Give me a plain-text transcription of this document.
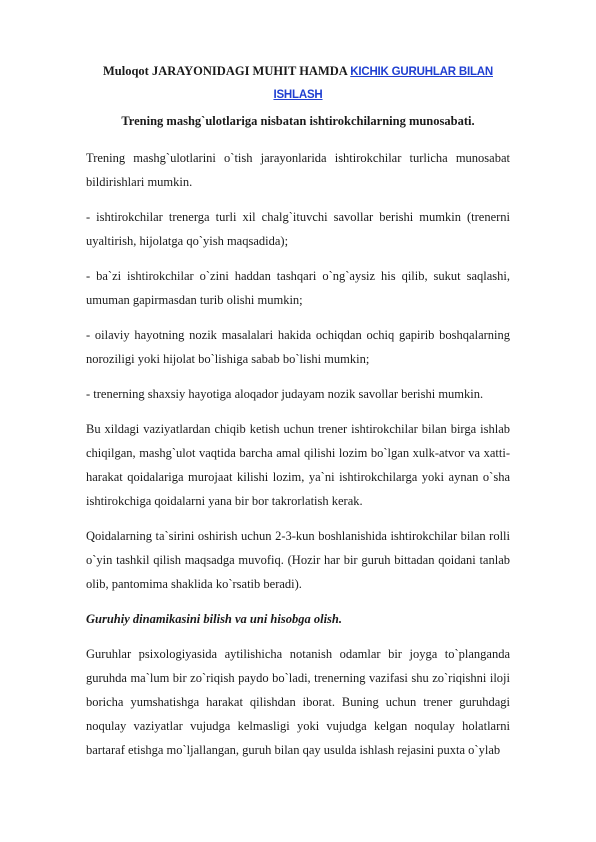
Muloqot JARAYONIDAGI MUHIT HAMDA KICHIK GURUHLAR BILAN ISHLASH

Trening mashg`ulotlariga nisbatan ishtirokchilarning munosabati.

Trening mashg`ulotlarini o`tish jarayonlarida ishtirokchilar turlicha munosabat bildirishlari mumkin.

- ishtirokchilar trenerga turli xil chalg`ituvchi savollar berishi mumkin (trenerni uyaltirish, hijolatga qo`yish maqsadida);

- ba`zi ishtirokchilar o`zini haddan tashqari o`ng`aysiz his qilib, sukut saqlashi, umuman gapirmasdan turib olishi mumkin;

- oilaviy hayotning nozik masalalari hakida ochiqdan ochiq gapirib boshqalarning noroziligi yoki hijolat bo`lishiga sabab bo`lishi mumkin;

- trenerning shaxsiy hayotiga aloqador judayam nozik savollar berishi mumkin.

Bu xildagi vaziyatlardan chiqib ketish uchun trener ishtirokchilar bilan birga ishlab chiqilgan, mashg`ulot vaqtida barcha amal qilishi lozim bo`lgan xulk-atvor va xatti-harakat qoidalariga murojaat kilishi lozim, ya`ni ishtirokchilarga yoki aynan o`sha ishtirokchiga qoidalarni yana bir bor takrorlatish kerak.

Qoidalarning ta`sirini oshirish uchun 2-3-kun boshlanishida ishtirokchilar bilan rolli o`yin tashkil qilish maqsadga muvofiq. (Hozir har bir guruh bittadan qoidani tanlab olib, pantomima shaklida ko`rsatib beradi).

Guruhiy dinamikasini bilish va uni hisobga olish.

Guruhlar psixologiyasida aytilishicha notanish odamlar bir joyga to`planganda guruhda ma`lum bir zo`riqish paydo bo`ladi, trenerning vazifasi shu zo`riqishni iloji boricha yumshatishga harakat qilishdan iborat. Buning uchun trener guruhdagi noqulay vaziyatlar vujudga kelmasligi yoki vujudga kelgan noqulay holatlarni bartaraf etishga mo`ljallangan, guruh bilan qay usulda ishlash rejasini puxta o`ylab
